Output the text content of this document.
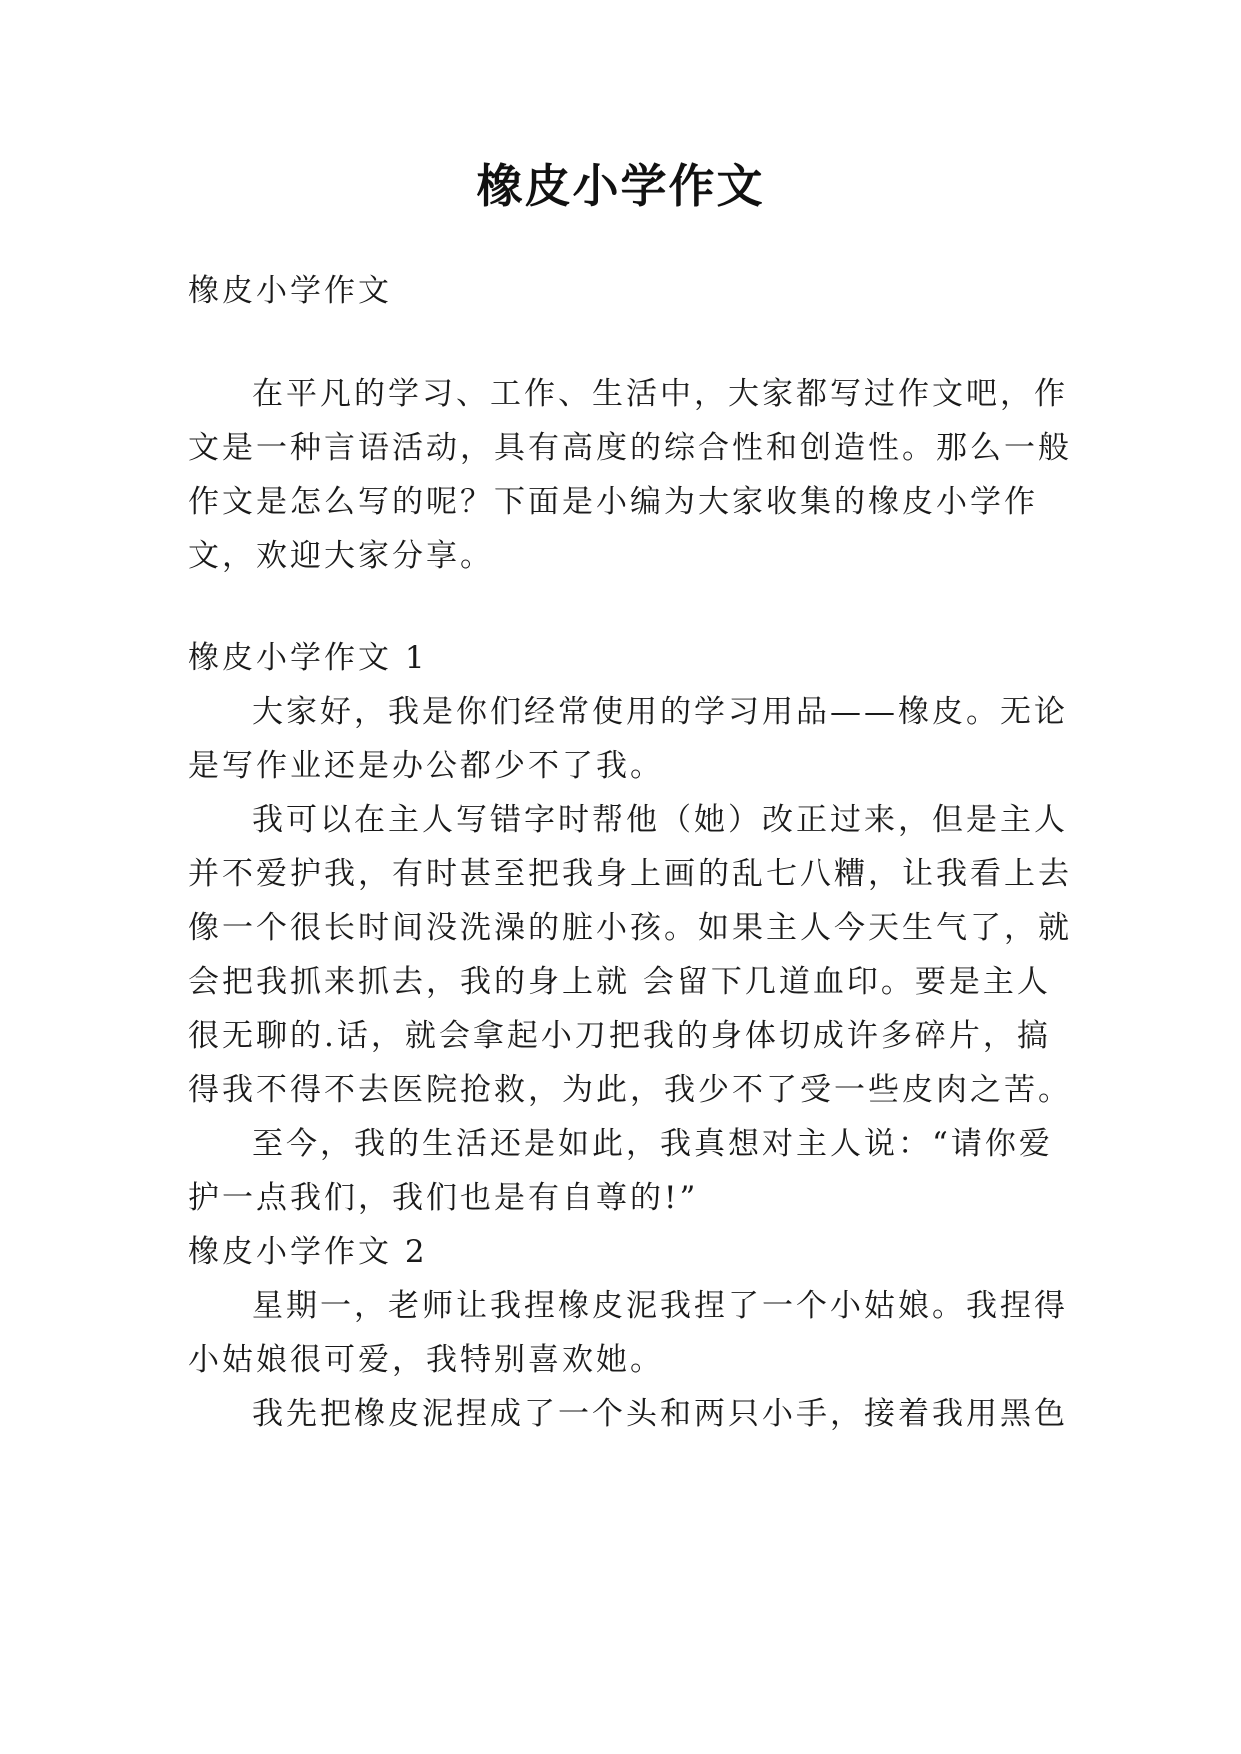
橡皮小学作文
橡皮小学作文
在平凡的学习、工作、生活中，大家都写过作文吧，作
文是一种言语活动，具有高度的综合性和创造性。那么一般
作文是怎么写的呢？下面是小编为大家收集的橡皮小学作
文，欢迎大家分享。
橡皮小学作文 1
大家好，我是你们经常使用的学习用品——橡皮。无论
是写作业还是办公都少不了我。
我可以在主人写错字时帮他（她）改正过来，但是主人
并不爱护我，有时甚至把我身上画的乱七八糟，让我看上去
像一个很长时间没洗澡的脏小孩。如果主人今天生气了，就
会把我抓来抓去，我的身上就 会留下几道血印。要是主人
很无聊的.话，就会拿起小刀把我的身体切成许多碎片，搞
得我不得不去医院抢救，为此，我少不了受一些皮肉之苦。
至今，我的生活还是如此，我真想对主人说：“请你爱
护一点我们，我们也是有自尊的!”
橡皮小学作文 2
星期一，老师让我捏橡皮泥我捏了一个小姑娘。我捏得
小姑娘很可爱，我特别喜欢她。
我先把橡皮泥捏成了一个头和两只小手，接着我用黑色
